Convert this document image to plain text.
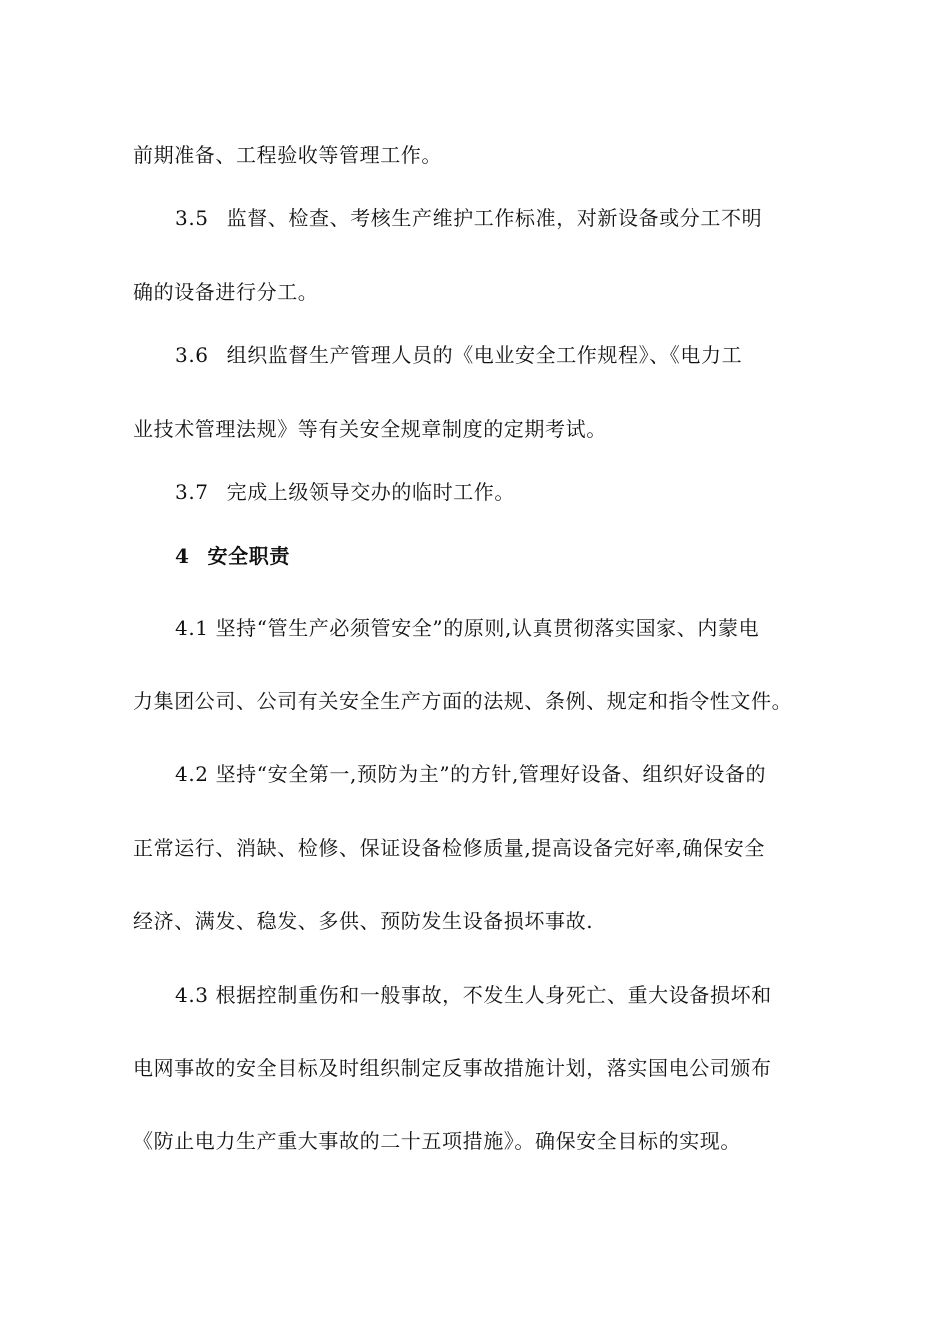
前期准备、工程验收等管理工作。
3.5 监督、检查、考核生产维护工作标准，对新设备或分工不明
确的设备进行分工。
3.6 组织监督生产管理人员的《电业安全工作规程》、《电力工
业技术管理法规》等有关安全规章制度的定期考试。
3.7 完成上级领导交办的临时工作。
4 安全职责
4.1 坚持“管生产必须管安全”的原则,认真贯彻落实国家、内蒙电
力集团公司、公司有关安全生产方面的法规、条例、规定和指令性文件。
4.2 坚持“安全第一,预防为主”的方针,管理好设备、组织好设备的
正常运行、消缺、检修、保证设备检修质量,提高设备完好率,确保安全
经济、满发、稳发、多供、预防发生设备损坏事故.
4.3 根据控制重伤和一般事故，不发生人身死亡、重大设备损坏和
电网事故的安全目标及时组织制定反事故措施计划，落实国电公司颁布
《防止电力生产重大事故的二十五项措施》。确保安全目标的实现。
